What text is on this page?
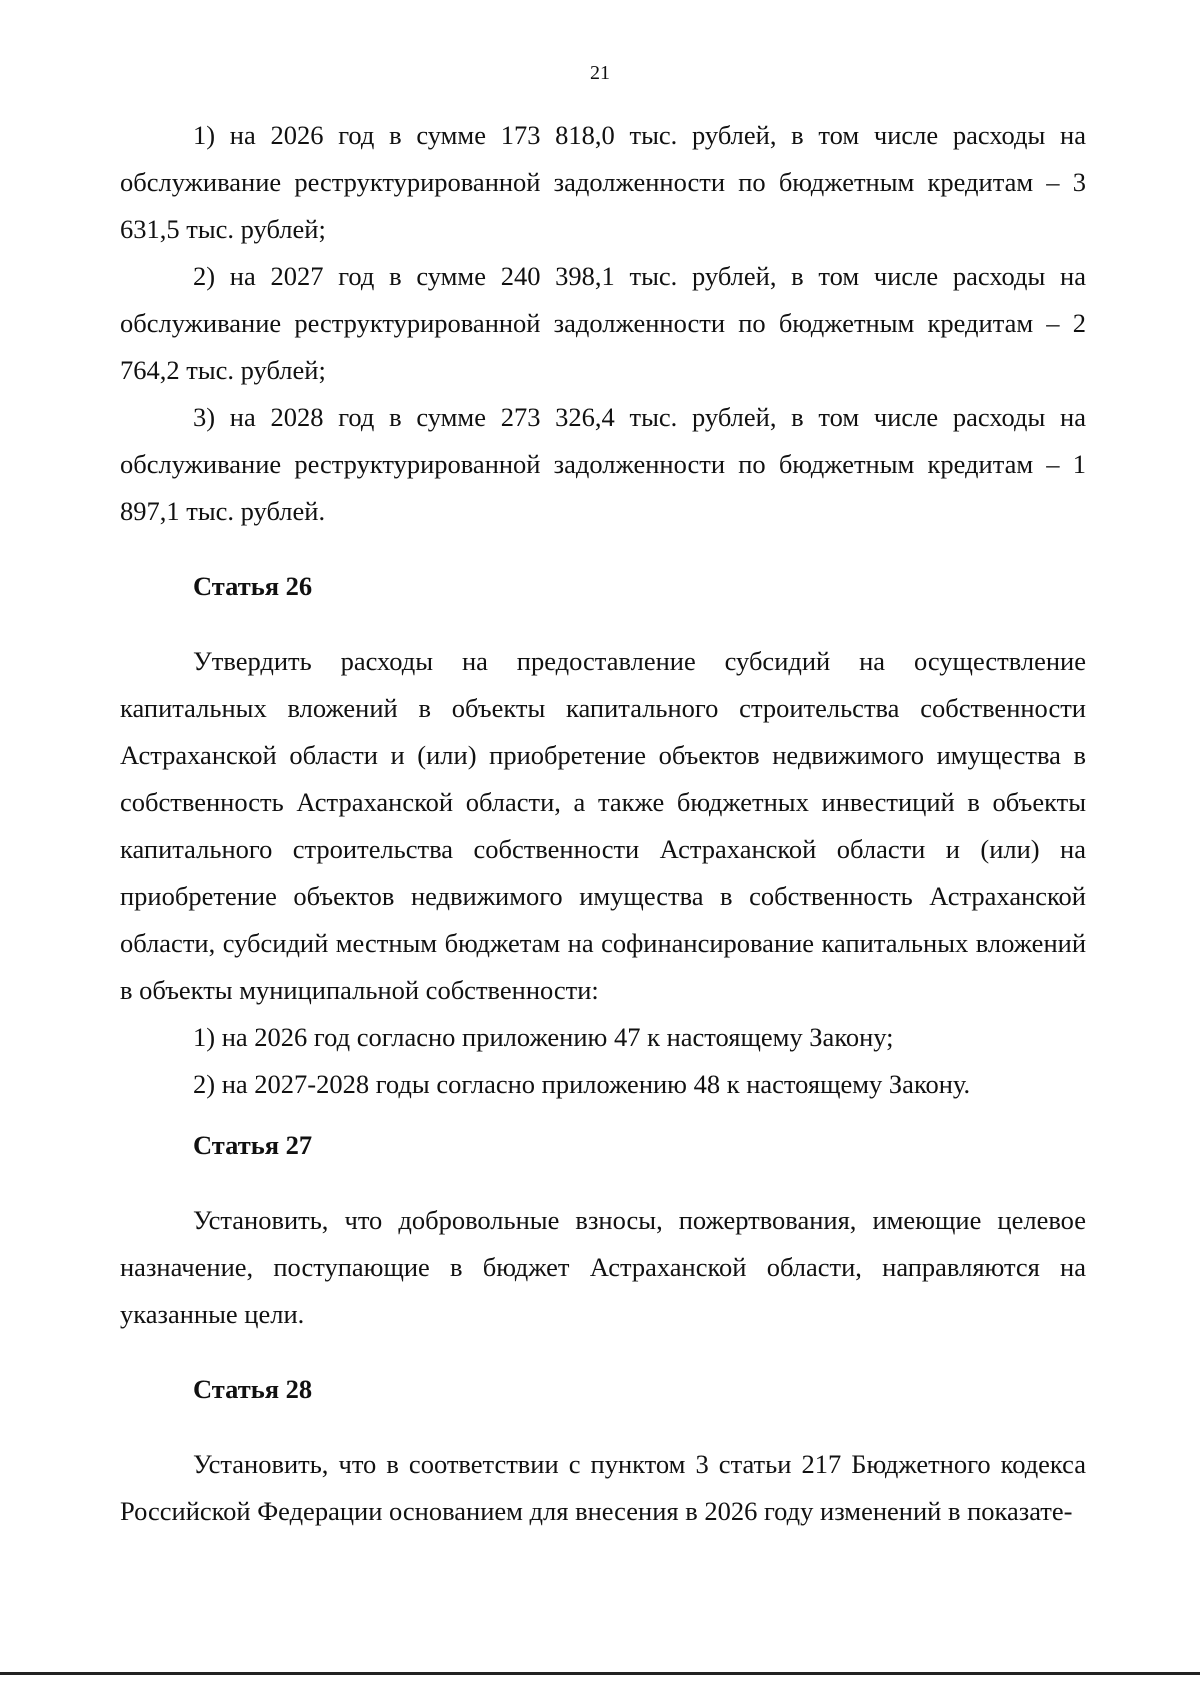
21

1) на 2026 год в сумме 173 818,0 тыс. рублей, в том числе расходы на обслуживание реструктурированной задолженности по бюджетным кредитам – 3 631,5 тыс. рублей;

2) на 2027 год в сумме 240 398,1 тыс. рублей, в том числе расходы на обслуживание реструктурированной задолженности по бюджетным кредитам – 2 764,2 тыс. рублей;

3) на 2028 год в сумме 273 326,4 тыс. рублей, в том числе расходы на обслуживание реструктурированной задолженности по бюджетным кредитам – 1 897,1 тыс. рублей.

Статья 26

Утвердить расходы на предоставление субсидий на осуществление капитальных вложений в объекты капитального строительства собственности Астраханской области и (или) приобретение объектов недвижимого имущества в собственность Астраханской области, а также бюджетных инвестиций в объекты капитального строительства собственности Астраханской области и (или) на приобретение объектов недвижимого имущества в собственность Астраханской области, субсидий местным бюджетам на софинансирование капитальных вложений в объекты муниципальной собственности:

1) на 2026 год согласно приложению 47 к настоящему Закону;

2) на 2027-2028 годы согласно приложению 48 к настоящему Закону.

Статья 27

Установить, что добровольные взносы, пожертвования, имеющие целевое назначение, поступающие в бюджет Астраханской области, направляются на указанные цели.

Статья 28

Установить, что в соответствии с пунктом 3 статьи 217 Бюджетного кодекса Российской Федерации основанием для внесения в 2026 году изменений в показате-
